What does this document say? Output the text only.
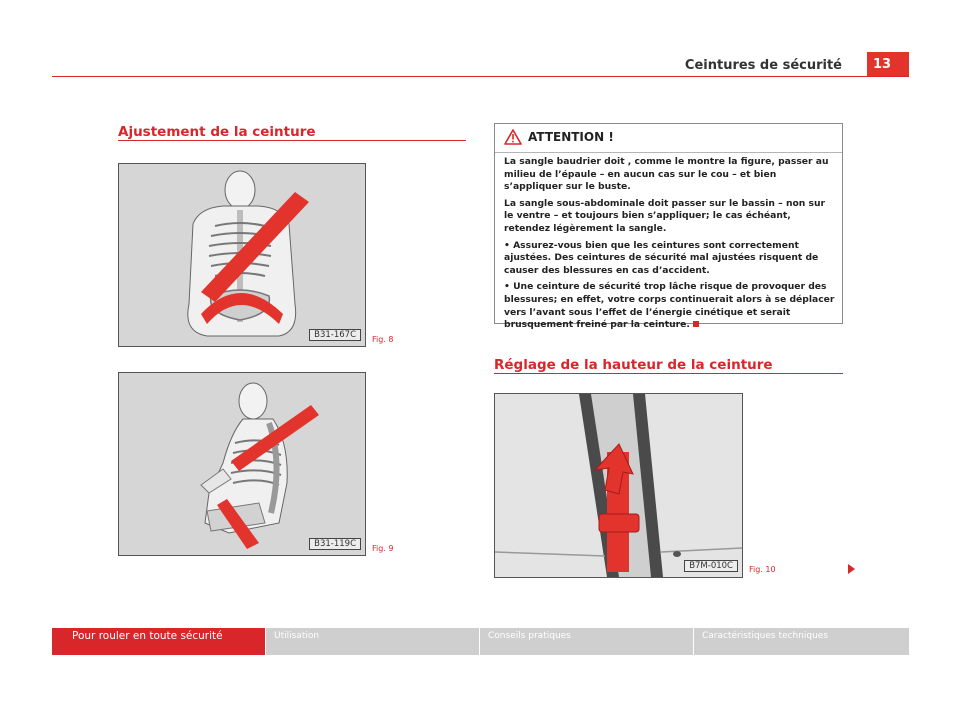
Ceintures de sécurité	13
Ajustement de la ceinture
B31-167C	Fig. 8
B31-119C	Fig. 9
ATTENTION !

La sangle baudrier doit , comme le montre la figure, passer au milieu de l’épaule – en aucun cas sur le cou – et bien s’appliquer sur le buste.

La sangle sous-abdominale doit passer sur le bassin – non sur le ventre – et toujours bien s’appliquer; le cas échéant, retendez légèrement la sangle.

• Assurez-vous bien que les ceintures sont correctement ajustées. Des ceintures de sécurité mal ajustées risquent de causer des blessures en cas d’accident.

• Une ceinture de sécurité trop lâche risque de provoquer des blessures; en effet, votre corps continuerait alors à se déplacer vers l’avant sous l’effet de l’énergie cinétique et serait brusquement freiné par la ceinture.

Réglage de la hauteur de la ceinture
B7M-010C	Fig. 10
Pour rouler en toute sécurité	Utilisation	Conseils pratiques	Caractéristiques techniques
